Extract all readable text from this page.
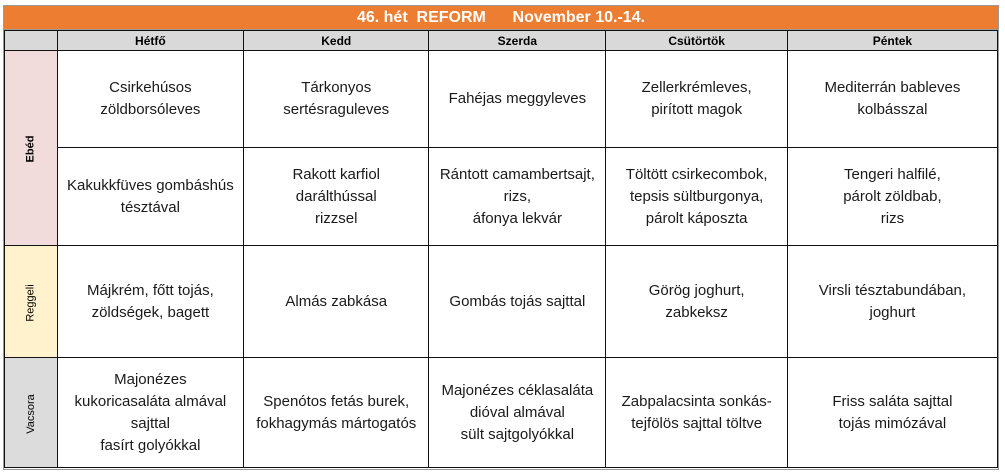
46. hét REFORM November 10.-14.
	Hétfő	Kedd	Szerda	Csütörtök	Péntek
Ebéd	Csirkehúsos
zöldborsóleves	Tárkonyos
sertésraguleves	Fahéjas meggyleves	Zellerkrémleves,
pirított magok	Mediterrán bableves
kolbásszal
	Kakukkfüves gombáshús
tésztával	Rakott karfiol
darálthússal
rizzsel	Rántott camambertsajt,
rizs,
áfonya lekvár	Töltött csirkecombok,
tepsis sültburgonya,
párolt káposzta	Tengeri halfilé,
párolt zöldbab,
rizs
Reggeli	Májkrém, főtt tojás,
zöldségek, bagett	Almás zabkása	Gombás tojás sajttal	Görög joghurt,
zabkeksz	Virsli tésztabundában,
joghurt
Vacsora	Majonézes
kukoricasaláta almával
sajttal
fasírt golyókkal	Spenótos fetás burek,
fokhagymás mártogatós	Majonézes céklasaláta
dióval almával
sült sajtgolyókkal	Zabpalacsinta sonkás-
tejfölös sajttal töltve	Friss saláta sajttal
tojás mimózával
